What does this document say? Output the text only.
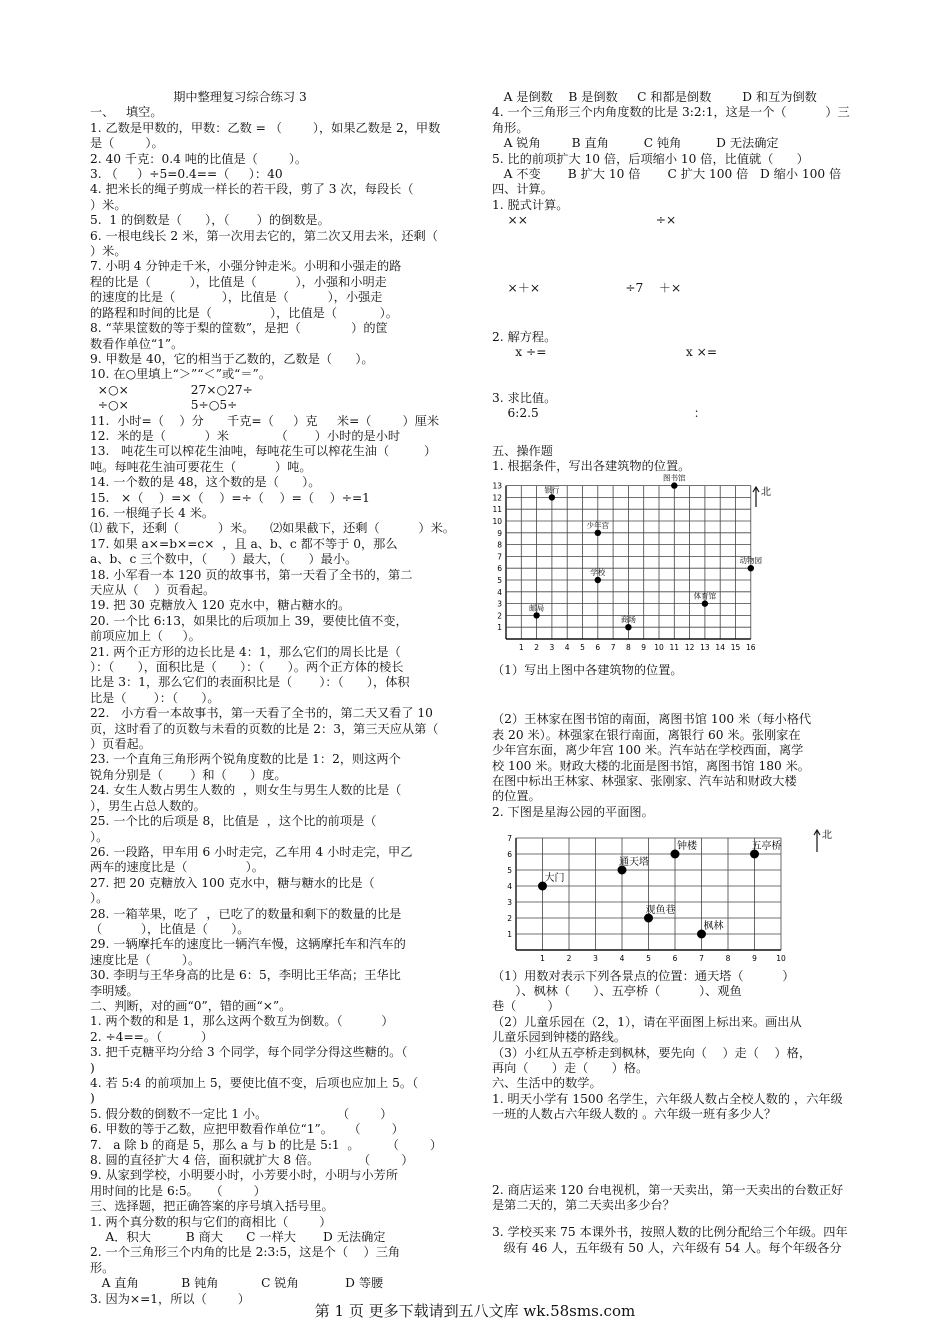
期中整理复习综合练习 3
一、   填空。
1. 乙数是甲数的，甲数：乙数 = （        ），如果乙数是 2，甲数
是（        ）。
2. 40 千克：0.4 吨的比值是（        ）。
3. （     ）÷5=0.4==（     ）：40
4. 把米长的绳子剪成一样长的若干段，剪了 3 次，每段长（
）米。
5.  1 的倒数是（      ），（       ）的倒数是。
6. 一根电线长 2 米，第一次用去它的，第二次又用去米，还剩（
）米。
7. 小明 4 分钟走千米，小强分钟走米。小明和小强走的路
程的比是（          ），比值是（          ），小强和小明走
的速度的比是（            ），比值是（          ），小强走
的路程和时间的比是（               ），比值是（           ）。
8. “苹果筐数的等于梨的筐数”，是把（             ）的筐
数看作单位“1”。
9. 甲数是 40，它的相当于乙数的，乙数是（      ）。
10. 在○里填上“＞”“＜”或“＝”。
×○×                27×○27÷
÷○×                5÷○5÷
11.  小时=（    ）分      千克=（     ）克     米=（        ）厘米
12.  米的是（          ）米            （       ）小时的是小时
13.   吨花生可以榨花生油吨，每吨花生可以榨花生油（         ）
吨。每吨花生油可要花生（          ）吨。
14. 一个数的是 48，这个数的是（      ）。
15.   ×（    ）=×（    ）=÷（    ）=（    ）÷=1
16. 一根绳子长 4 米。
⑴ 截下，还剩（          ）米。    ⑵如果截下，还剩（          ）米。
17. 如果 a×=b×=c×  ，且 a、b、c 都不等于 0，那么
a、b、c 三个数中，（      ）最大，（      ）最小。
18. 小军看一本 120 页的故事书，第一天看了全书的，第二
天应从（    ）页看起。
19. 把 30 克糖放入 120 克水中，糖占糖水的。
20. 一个比 6:13，如果比的后项加上 39，要使比值不变，
前项应加上（     ）。
21. 两个正方形的边长比是 4：1，那么它们的周长比是（
）：（      ），面积比是（      ）：（      ）。两个正方体的棱长
比是 3：1，那么它们的表面积比是（       ）：（      ），体积
比是（       ）：（      ）。
22.   小方看一本故事书，第一天看了全书的，第二天又看了 10
页，这时看了的页数与未看的页数的比是 2：3，第三天应从第（
）页看起。
23. 一个直角三角形两个锐角度数的比是 1：2，则这两个
锐角分别是（       ）和（      ）度。
24. 女生人数占男生人数的  ，则女生与男生人数的比是（
），男生占总人数的。
25. 一个比的后项是 8，比值是  ，这个比的前项是（
）。
26. 一段路，甲车用 6 小时走完，乙车用 4 小时走完，甲乙
两车的速度比是（               ）。
27. 把 20 克糖放入 100 克水中，糖与糖水的比是（
）。
28. 一箱苹果，吃了  ，已吃了的数量和剩下的数量的比是
（          ），比值是（      ）。
29. 一辆摩托车的速度比一辆汽车慢，这辆摩托车和汽车的
速度比是（        ）。
30. 李明与王华身高的比是 6：5，李明比王华高；王华比
李明矮。
二、判断，对的画“0”，错的画“×”。
1. 两个数的和是 1，那么这两个数互为倒数。（          ）
2. ÷4==。（          ）
3. 把千克糖平均分给 3 个同学，每个同学分得这些糖的。（
)
4. 若 5:4 的前项加上 5，要使比值不变，后项也应加上 5。（
)
5. 假分数的倒数不一定比 1 小。                  （        ）
6. 甲数的等于乙数，应把甲数看作单位“1”。    （        ）
7.   a 除 b 的商是 5，那么 a 与 b 的比是 5:1  。       （        ）
8. 圆的直径扩大 4 倍，面积就扩大 8 倍。          （        ）
9. 从家到学校，小明要小时，小芳要小时，小明与小芳所
用时间的比是 6:5。   （        ）
三、选择题，把正确答案的序号填入括号里。
1. 两个真分数的积与它们的商相比（        ）
A．积大         B 商大      C 一样大       D 无法确定
2. 一个三角形三个内角的比是 2:3:5，这是个（    ）三角
形。
A 直角           B 钝角           C 锐角            D 等腰
3. 因为×=1，所以（        ）
A 是倒数    B 是倒数     C 和都是倒数        D 和互为倒数
4. 一个三角形三个内角度数的比是 3:2:1，这是一个（          ）三
角形。
A 锐角        B 直角         C 钝角         D 无法确定
5. 比的前项扩大 10 倍，后项缩小 10 倍，比值就（      ）
A 不变       B 扩大 10 倍       C 扩大 100 倍   D 缩小 100 倍
四、计算。
1. 脱式计算。
××                                 ÷×
×＋×                      ÷7    ＋×
2. 解方程。
x ÷=                                    x ×=
3. 求比值。
6:2.5                                        ：
五、操作题
1. 根据条件，写出各建筑物的位置。
1 2 3 4 5 6 7 8 9 10 11 12 13 14 15 16
1
2
3
4
5
6
7
8
9
10
11
12
13	银行
图书馆
少年宫
学校
动物园
体育馆
邮局
商场
北
（1）写出上图中各建筑物的位置。
（2）王林家在图书馆的南面，离图书馆 100 米（每小格代
表 20 米）。林强家在银行南面，离银行 60 米。张刚家在
少年宫东面，离少年宫 100 米。汽车站在学校西面，离学
校 100 米。财政大楼的北面是图书馆，离图书馆 180 米。
在图中标出王林家、林强家、张刚家、汽车站和财政大楼
的位置。
2. 下图是星海公园的平面图。
1	2	3	4	5	6	7	8	9	10
1
2
3
4
5
6
7
大门
通天塔
钟楼	五亭桥
观鱼巷
枫林
北
（1）用数对表示下列各景点的位置：通天塔（          ）
）、枫林（      ）、五亭桥（          ）、观鱼
巷（        ）
（2）儿童乐园在（2，1），请在平面图上标出来。画出从
儿童乐园到钟楼的路线。
（3）小红从五亭桥走到枫林，要先向（    ）走（    ）格，
再向（      ）走（      ）格。
六、生活中的数学。
1. 明天小学有 1500 名学生，六年级人数占全校人数的 ，六年级
一班的人数占六年级人数的 。六年级一班有多少人？
2. 商店运来 120 台电视机，第一天卖出，第一天卖出的台数正好
是第二天的，第二天卖出多少台？
3. 学校买来 75 本课外书，按照人数的比例分配给三个年级。四年
级有 46 人，五年级有 50 人，六年级有 54 人。每个年级各分
第 1 页 更多下载请到五八文库 wk.58sms.com
